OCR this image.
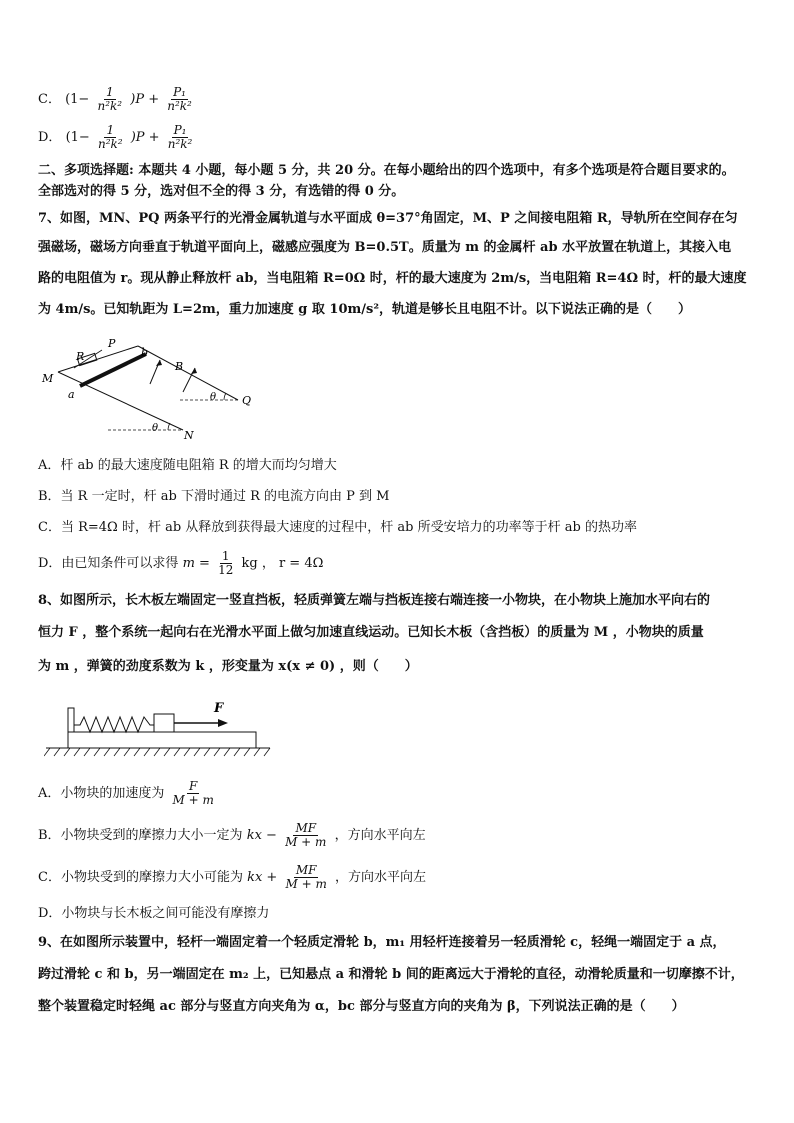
C． $(1- \frac{1}{\text{n²k²}} )P + \frac{\text{P₁}}{\text{n²k²}}$
D． $(1- \frac{1}{\text{n²k²}} )P + \frac{\text{P₁}}{\text{n²k²}}$
二、多项选择题: 本题共 4 小题，每小题 5 分，共 20 分。在每小题给出的四个选项中，有多个选项是符合题目要求的。
全部选对的得 5 分，选对但不全的得 3 分，有选错的得 0 分。
7、如图，MN、PQ 两条平行的光滑金属轨道与水平面成 θ=37°角固定，M、P 之间接电阻箱 R，导轨所在空间存在匀
强磁场，磁场方向垂直于轨道平面向上，磁感应强度为 B=0.5T。质量为 m 的金属杆 ab 水平放置在轨道上，其接入电
路的电阻值为 r。现从静止释放杆 ab，当电阻箱 R=0Ω 时，杆的最大速度为 2m/s，当电阻箱 R=4Ω 时，杆的最大速度
为 4m/s。已知轨距为 L=2m，重力加速度 g 取 10m/s²，轨道是够长且电阻不计。以下说法正确的是（　　）
R
P
b
B
M
a	θ Q
θ
N
A．杆 ab 的最大速度随电阻箱 R 的增大而均匀增大
B．当 R 一定时，杆 ab 下滑时通过 R 的电流方向由 P 到 M
C．当 R=4Ω 时，杆 ab 从释放到获得最大速度的过程中，杆 ab 所受安培力的功率等于杆 ab 的热功率
D．由已知条件可以求得 $m = \frac{1}{12}$ kg ， r = 4Ω
8、如图所示，长木板左端固定一竖直挡板，轻质弹簧左端与挡板连接右端连接一小物块，在小物块上施加水平向右的
恒力 F ，整个系统一起向右在光滑水平面上做匀加速直线运动。已知长木板（含挡板）的质量为 M ，小物块的质量
为 m ，弹簧的劲度系数为 k ，形变量为 x(x ≠ 0) ，则（　　）
F
A．小物块的加速度为 $\frac{F}{M + m}$
B．小物块受到的摩擦力大小一定为 kx − $\frac{MF}{M + m}$ ，方向水平向左
C．小物块受到的摩擦力大小可能为 kx + $\frac{MF}{M + m}$ ，方向水平向左
D．小物块与长木板之间可能没有摩擦力
9、在如图所示装置中，轻杆一端固定着一个轻质定滑轮 b，m₁ 用轻杆连接着另一轻质滑轮 c，轻绳一端固定于 a 点，
跨过滑轮 c 和 b，另一端固定在 m₂ 上，已知悬点 a 和滑轮 b 间的距离远大于滑轮的直径，动滑轮质量和一切摩擦不计，
整个装置稳定时轻绳 ac 部分与竖直方向夹角为 α，bc 部分与竖直方向的夹角为 β，下列说法正确的是（　　）
